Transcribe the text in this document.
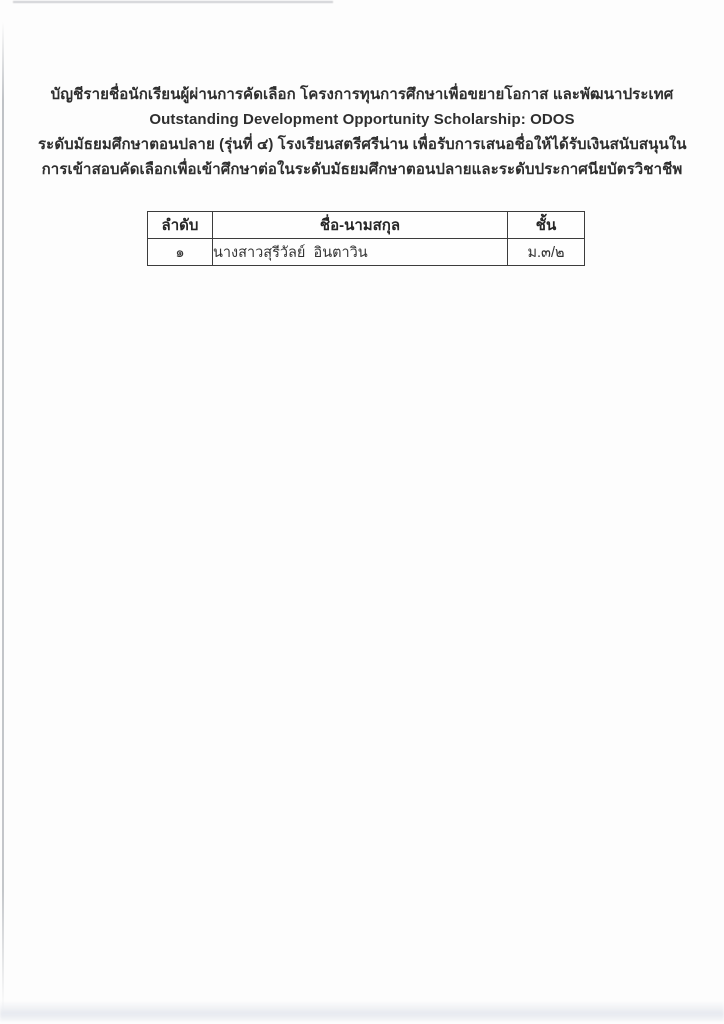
บัญชีรายชื่อนักเรียนผู้ผ่านการคัดเลือก โครงการทุนการศึกษาเพื่อขยายโอกาส และพัฒนาประเทศ
Outstanding Development Opportunity Scholarship: ODOS
ระดับมัธยมศึกษาตอนปลาย (รุ่นที่ ๔) โรงเรียนสตรีศรีน่าน เพื่อรับการเสนอชื่อให้ได้รับเงินสนับสนุนใน
การเข้าสอบคัดเลือกเพื่อเข้าศึกษาต่อในระดับมัธยมศึกษาตอนปลายและระดับประกาศนียบัตรวิชาชีพ
ลำดับ	ชื่อ-นามสกุล	ชั้น
๑	นางสาวสุรีวัลย์  อินตาวิน	ม.๓/๒
